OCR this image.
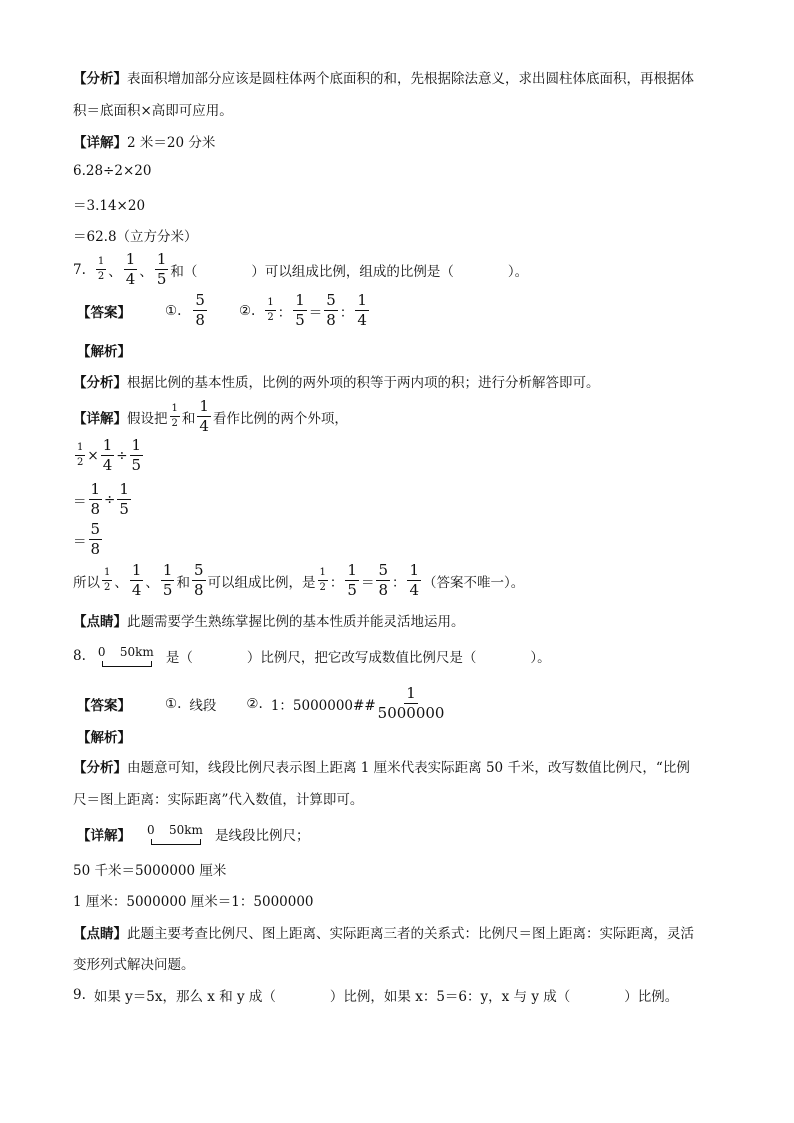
【分析】 表面积增加部分应该是圆柱体两个底面积的和，先根据除法意义，求出圆柱体底面积，再根据体
积＝底面积×高即可应用。
【详解】 2 米＝20 分米
6.28÷2×20
＝3.14×20
＝62.8（立方分米）
7. $\frac{1}{2}$ 、 $\frac{1}{4}$ 、 $\frac{1}{5}$ 和（　　　　）可以组成比例，组成的比例是（　　　　）。
【答案】	①. $\frac{5}{8}$ ②. $\frac{1}{2}$ ： $\frac{1}{5} = \frac{5}{8}$ ： $\frac{1}{4}$
【解析】
【分析】 根据比例的基本性质，比例的两外项的积等于两内项的积；进行分析解答即可。
【详解】 假设把 $\frac{1}{2}$ 和 $\frac{1}{4}$ 看作比例的两个外项，
$\frac{1}{2} \times \frac{1}{4} \div \frac{1}{5}$
＝ $\frac{1}{8} \div \frac{1}{5}$
＝ $\frac{5}{8}$
所以 $\frac{1}{2}$ 、 $\frac{1}{4}$ 、 $\frac{1}{5}$ 和 $\frac{5}{8}$ 可以组成比例，是 $\frac{1}{2}$ ： $\frac{1}{5} = \frac{5}{8}$ ： $\frac{1}{4}$ （答案不唯一）。
【点睛】 此题需要学生熟练掌握比例的基本性质并能灵活地运用。
8. 0 50km 是（　　　　）比例尺，把它改写成数值比例尺是（　　　　）。
【答案】	①. 线段 ②. 1：5000000## $\frac{1}{5000000}$
【解析】
【分析】 由题意可知，线段比例尺表示图上距离 1 厘米代表实际距离 50 千米，改写数值比例尺，“比例
尺＝图上距离：实际距离”代入数值，计算即可。
【详解】 0 50km 是线段比例尺；
50 千米＝5000000 厘米
1 厘米：5000000 厘米＝1：5000000
【点睛】 此题主要考查比例尺、图上距离、实际距离三者的关系式：比例尺＝图上距离：实际距离，灵活
变形列式解决问题。
9. 如果 y＝5x，那么 x 和 y 成（　　　　）比例，如果 x：5＝6：y，x 与 y 成（　　　　）比例。
